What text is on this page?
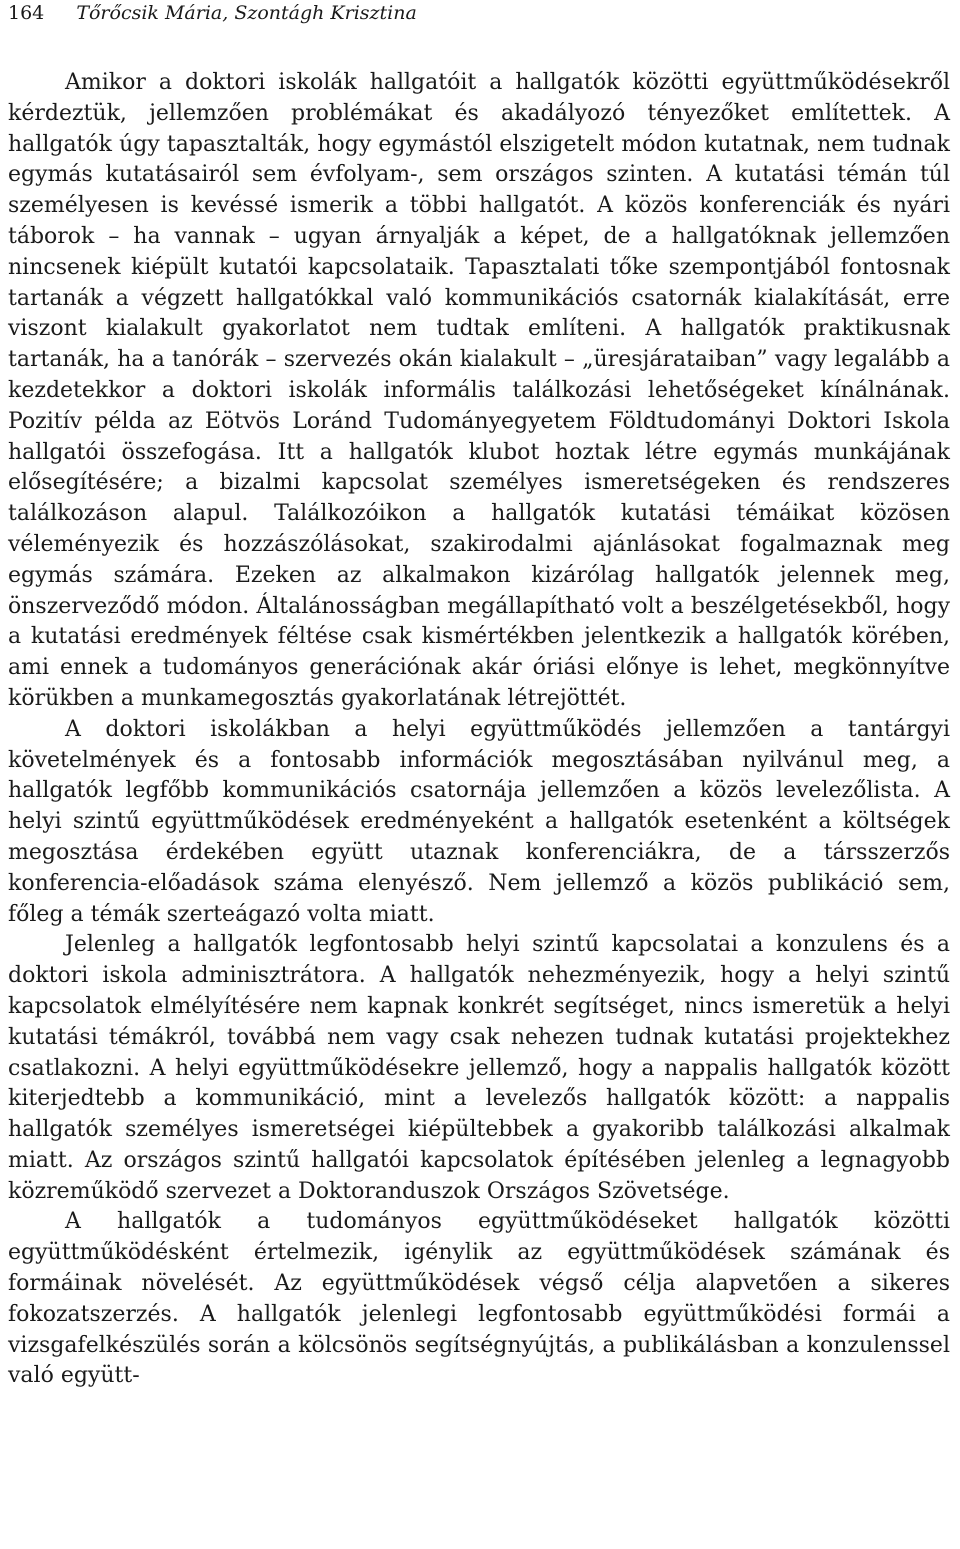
164 Tőrőcsik Mária, Szontágh Krisztina

Amikor a doktori iskolák hallgatóit a hallgatók közötti együttműködésekről kérdeztük, jellemzően problémákat és akadályozó tényezőket említettek. A hallgatók úgy tapasztalták, hogy egymástól elszigetelt módon kutatnak, nem tudnak egymás kutatásairól sem évfolyam-, sem országos szinten. A kutatási témán túl személyesen is kevéssé ismerik a többi hallgatót. A közös konferenciák és nyári táborok – ha vannak – ugyan árnyalják a képet, de a hallgatóknak jellemzően nincsenek kiépült kutatói kapcsolataik. Tapasztalati tőke szempontjából fontosnak tartanák a végzett hallgatókkal való kommunikációs csatornák kialakítását, erre viszont kialakult gyakorlatot nem tudtak említeni. A hallgatók praktikusnak tartanák, ha a tanórák – szervezés okán kialakult – „üresjárataiban” vagy legalább a kezdetekkor a doktori iskolák informális találkozási lehetőségeket kínálnának. Pozitív példa az Eötvös Loránd Tudományegyetem Földtudományi Doktori Iskola hallgatói összefogása. Itt a hallgatók klubot hoztak létre egymás munkájának elősegítésére; a bizalmi kapcsolat személyes ismeretségeken és rendszeres találkozáson alapul. Találkozóikon a hallgatók kutatási témáikat közösen véleményezik és hozzászólásokat, szakirodalmi ajánlásokat fogalmaznak meg egymás számára. Ezeken az alkalmakon kizárólag hallgatók jelennek meg, önszerveződő módon. Általánosságban megállapítható volt a beszélgetésekből, hogy a kutatási eredmények féltése csak kismértékben jelentkezik a hallgatók körében, ami ennek a tudományos generációnak akár óriási előnye is lehet, megkönnyítve körükben a munkamegosztás gyakorlatának létrejöttét.

A doktori iskolákban a helyi együttműködés jellemzően a tantárgyi követelmények és a fontosabb információk megosztásában nyilvánul meg, a hallgatók legfőbb kommunikációs csatornája jellemzően a közös levelezőlista. A helyi szintű együttműködések eredményeként a hallgatók esetenként a költségek megosztása érdekében együtt utaznak konferenciákra, de a társszerzős konferencia-előadások száma elenyésző. Nem jellemző a közös publikáció sem, főleg a témák szerteágazó volta miatt.

Jelenleg a hallgatók legfontosabb helyi szintű kapcsolatai a konzulens és a doktori iskola adminisztrátora. A hallgatók nehezményezik, hogy a helyi szintű kapcsolatok elmélyítésére nem kapnak konkrét segítséget, nincs ismeretük a helyi kutatási témákról, továbbá nem vagy csak nehezen tudnak kutatási projektekhez csatlakozni. A helyi együttműködésekre jellemző, hogy a nappalis hallgatók között kiterjedtebb a kommunikáció, mint a levelezős hallgatók között: a nappalis hallgatók személyes ismeretségei kiépültebbek a gyakoribb találkozási alkalmak miatt. Az országos szintű hallgatói kapcsolatok építésében jelenleg a legnagyobb közreműködő szervezet a Doktoranduszok Országos Szövetsége.

A hallgatók a tudományos együttműködéseket hallgatók közötti együttműködésként értelmezik, igénylik az együttműködések számának és formáinak növelését. Az együttműködések végső célja alapvetően a sikeres fokozatszerzés. A hallgatók jelenlegi legfontosabb együttműködési formái a vizsgafelkészülés során a kölcsönös segítségnyújtás, a publikálásban a konzulenssel való együtt-
